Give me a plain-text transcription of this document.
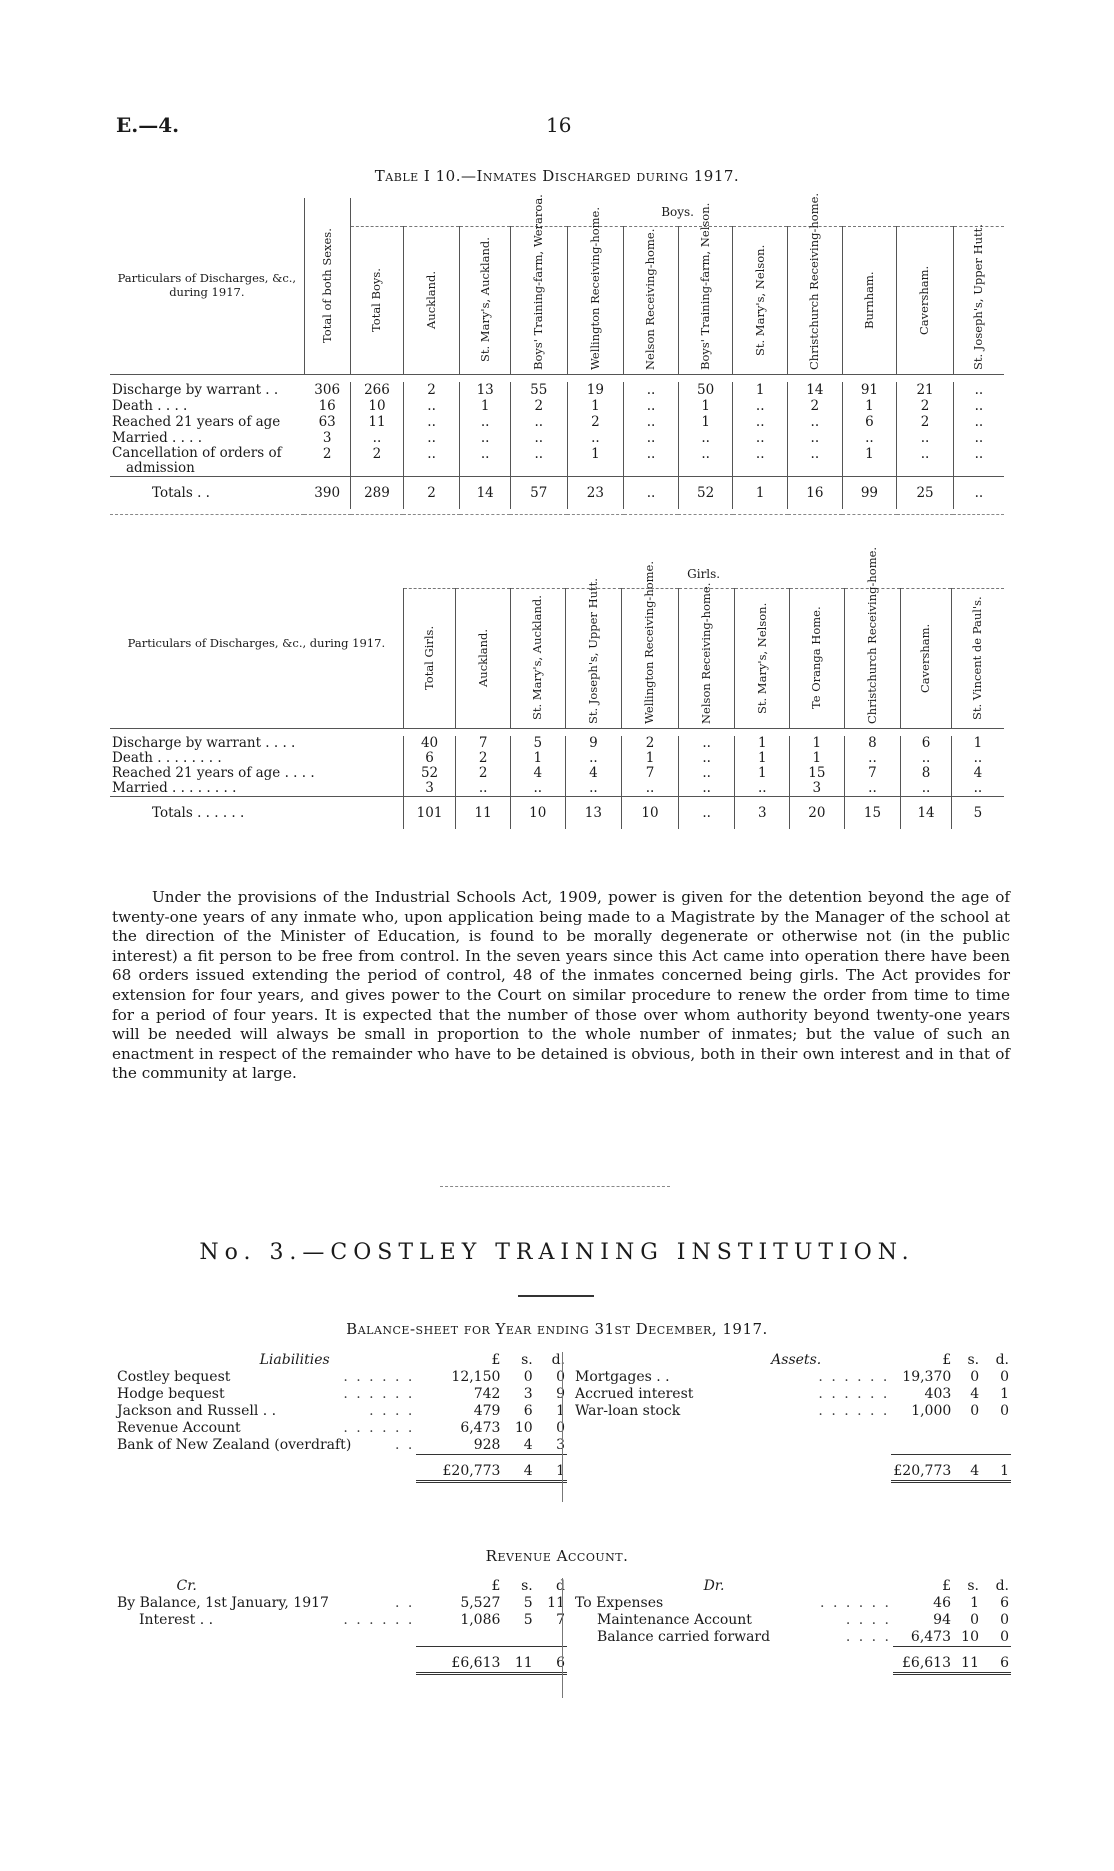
E.—4.	16
Table I 10.—Inmates Discharged during 1917.
Particulars of Discharges, &c., during 1917.	Total of both Sexes.	Boys.											

		Total Boys.	Auckland.	St. Mary's, Auckland.	Boys' Training-farm, Weraroa.	Wellington Receiving-home.	Nelson Receiving-home.	Boys' Training-farm, Nelson.	St. Mary's, Nelson.	Christchurch Receiving-home.	Burnham.	Caversham.	St. Joseph's, Upper Hutt.

Discharge by warrant . .	306	266	2	13	55	19	..	50	1	14	91	21	..
Death . . . .	16	10	..	1	2	1	..	1	..	2	1	2	..
Reached 21 years of age	63	11	..	..	..	2	..	1	..	..	6	2	..
Married . . . .	3	..	..	..	..	..	..	..	..	..	..	..	..
Cancellation of orders of
admission	2	2	..	..	..	1	..	..	..	..	1	..	..
Totals . .	390	289	2	14	57	23	..	52	1	16	99	25	..

Particulars of Discharges, &c., during 1917.	Girls.										

	Total Girls.	Auckland.	St. Mary's, Auckland.	St. Joseph's, Upper Hutt.	Wellington Receiving-home.	Nelson Receiving-home.	St. Mary's, Nelson.	Te Oranga Home.	Christchurch Receiving-home.	Caversham.	St. Vincent de Paul's.

Discharge by warrant . . . .	40	7	5	9	2	..	1	1	8	6	1
Death . . . . . . . .	6	2	1	..	1	..	1	1	..	..	..
Reached 21 years of age . . . .	52	2	4	4	7	..	1	15	7	8	4
Married . . . . . . . .	3	..	..	..	..	..	..	3	..	..	..
Totals . . . . . .	101	11	10	13	10	..	3	20	15	14	5
Under the provisions of the Industrial Schools Act, 1909, power is given for the detention beyond the age of twenty-one years of any inmate who, upon application being made to a Magistrate by the Manager of the school at the direction of the Minister of Education, is found to be morally degenerate or otherwise not (in the public interest) a fit person to be free from control. In the seven years since this Act came into operation there have been 68 orders issued extending the period of control, 48 of the inmates concerned being girls. The Act provides for extension for four years, and gives power to the Court on similar procedure to renew the order from time to time for a period of four years. It is expected that the number of those over whom authority beyond twenty-one years will be needed will always be small in proportion to the whole number of inmates; but the value of such an enactment in respect of the remainder who have to be detained is obvious, both in their own interest and in that of the community at large.
No. 3.—COSTLEY TRAINING INSTITUTION.
Balance-sheet for Year ending 31st December, 1917.
Liabilities	£	s.	d.
Costley bequest . . . . . .	12,150	0	0
Hodge bequest . . . . . .	742	3	9
Jackson and Russell . . . . . .	479	6	1
Revenue Account . . . . . .	6,473	10	0
Bank of New Zealand (overdraft) . .	928	4	3
	£20,773	4	1
Assets.	£	s.	d.
Mortgages . . . . . . . .	19,370	0	0
Accrued interest . . . . . .	403	4	1
War-loan stock . . . . . .	1,000	0	0

	£20,773	4	1
Revenue Account.
Cr.	£	s.	d
By Balance, 1st January, 1917 . .	5,527	5	11
Interest . . . . . . . .	1,086	5	7

	£6,613	11	6
Dr.	£	s.	d.
To Expenses . . . . . .	46	1	6
Maintenance Account . . . .	94	0	0
Balance carried forward . . . .	6,473	10	0
	£6,613	11	6
